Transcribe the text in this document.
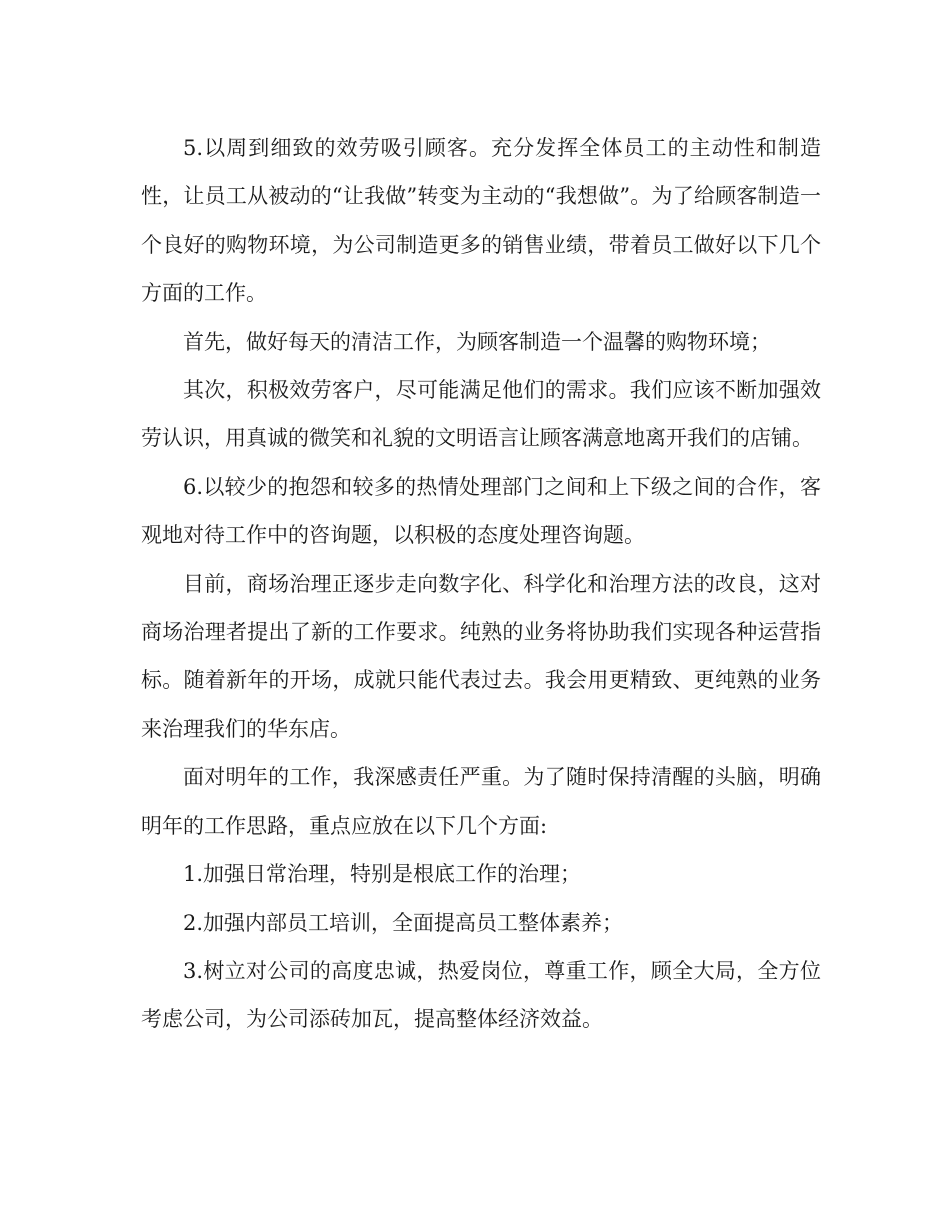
5.以周到细致的效劳吸引顾客。充分发挥全体员工的主动性和制造性，让员工从被动的“让我做”转变为主动的“我想做”。为了给顾客制造一个良好的购物环境，为公司制造更多的销售业绩，带着员工做好以下几个方面的工作。

首先，做好每天的清洁工作，为顾客制造一个温馨的购物环境；

其次，积极效劳客户，尽可能满足他们的需求。我们应该不断加强效劳认识，用真诚的微笑和礼貌的文明语言让顾客满意地离开我们的店铺。

6.以较少的抱怨和较多的热情处理部门之间和上下级之间的合作，客观地对待工作中的咨询题，以积极的态度处理咨询题。

目前，商场治理正逐步走向数字化、科学化和治理方法的改良，这对商场治理者提出了新的工作要求。纯熟的业务将协助我们实现各种运营指标。随着新年的开场，成就只能代表过去。我会用更精致、更纯熟的业务来治理我们的华东店。

面对明年的工作，我深感责任严重。为了随时保持清醒的头脑，明确明年的工作思路，重点应放在以下几个方面:

1.加强日常治理，特别是根底工作的治理；

2.加强内部员工培训，全面提高员工整体素养；

3.树立对公司的高度忠诚，热爱岗位，尊重工作，顾全大局，全方位考虑公司，为公司添砖加瓦，提高整体经济效益。
